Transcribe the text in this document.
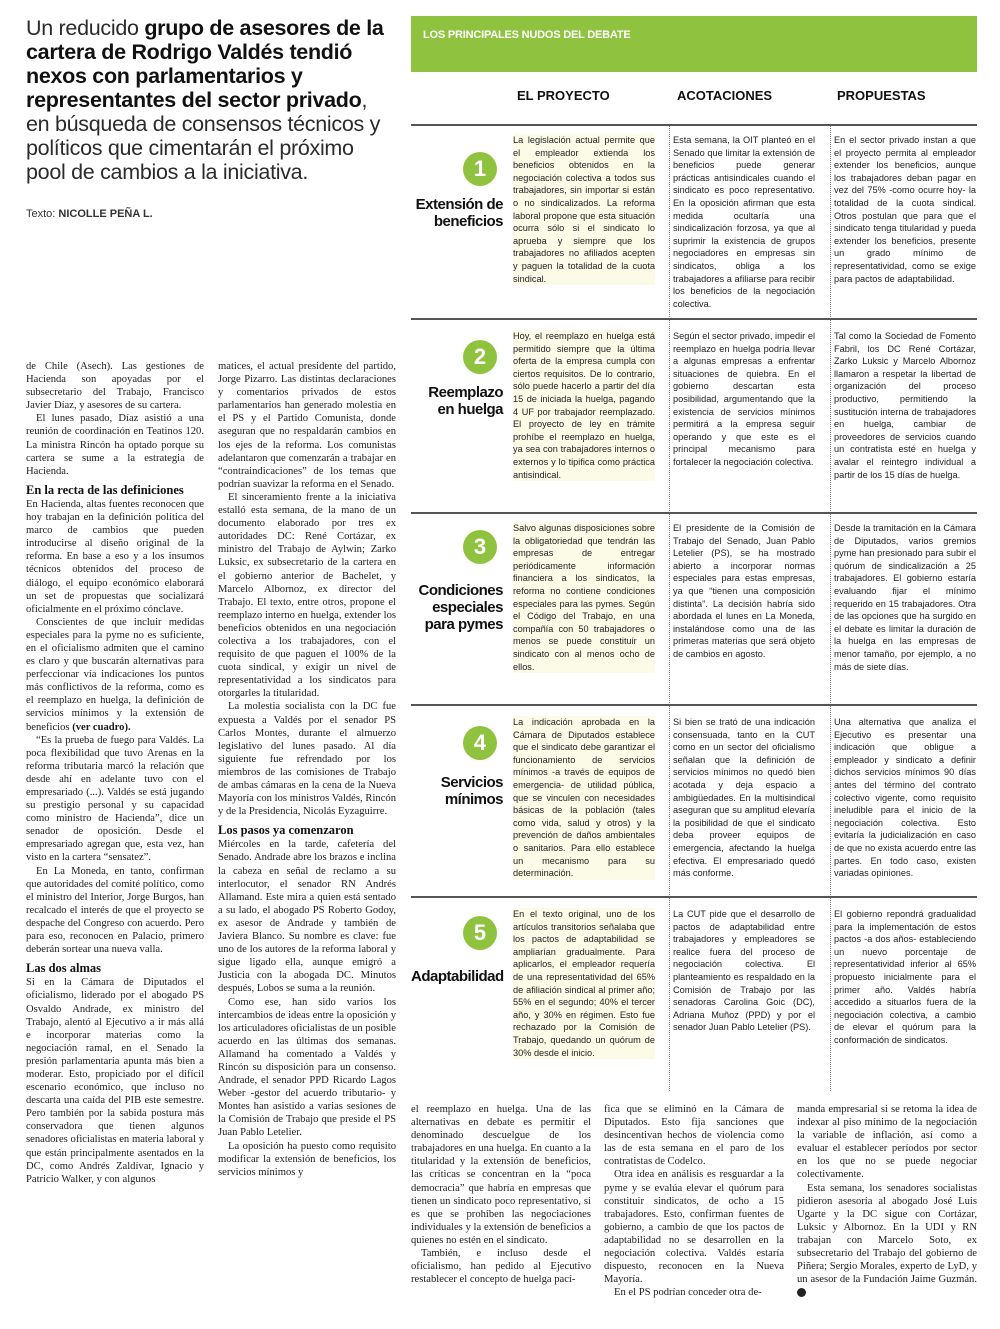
Un reducido grupo de asesores de la cartera de Rodrigo Valdés tendió nexos con parlamentarios y representantes del sector privado, en búsqueda de consensos técnicos y políticos que cimentarán el próximo pool de cambios a la iniciativa.
Texto: NICOLLE PEÑA L.

de Chile (Asech). Las gestiones de Hacienda son apoyadas por el subsecretario del Trabajo, Francisco Javier Díaz, y asesores de su cartera.

El lunes pasado, Díaz asistió a una reunión de coordinación en Teatinos 120. La ministra Rincón ha optado porque su cartera se sume a la estrategia de Hacienda.

En la recta de las definiciones

En Hacienda, altas fuentes reconocen que hoy trabajan en la definición política del marco de cambios que pueden introducirse al diseño original de la reforma. En base a eso y a los insumos técnicos obtenidos del proceso de diálogo, el equipo económico elaborará un set de propuestas que socializará oficialmente en el próximo cónclave.

Conscientes de que incluir medidas especiales para la pyme no es suficiente, en el oficialismo admiten que el camino es claro y que buscarán alternativas para perfeccionar vía indicaciones los puntos más conflictivos de la reforma, como es el reemplazo en huelga, la definición de servicios mínimos y la extensión de beneficios (ver cuadro).

“Es la prueba de fuego para Valdés. La poca flexibilidad que tuvo Arenas en la reforma tributaria marcó la relación que desde ahí en adelante tuvo con el empresariado (...). Valdés se está jugando su prestigio personal y su capacidad como ministro de Hacienda”, dice un senador de oposición. Desde el empresariado agregan que, esta vez, han visto en la cartera “sensatez”.

En La Moneda, en tanto, confirman que autoridades del comité político, como el ministro del Interior, Jorge Burgos, han recalcado el interés de que el proyecto se despache del Congreso con acuerdo. Pero para eso, reconocen en Palacio, primero deberán sortear una nueva valla.

Las dos almas

Si en la Cámara de Diputados el oficialismo, liderado por el abogado PS Osvaldo Andrade, ex ministro del Trabajo, alentó al Ejecutivo a ir más allá e incorporar materias como la negociación ramal, en el Senado la presión parlamentaria apunta más bien a moderar. Esto, propiciado por el difícil escenario económico, que incluso no descarta una caída del PIB este semestre. Pero también por la sabida postura más conservadora que tienen algunos senadores oficialistas en materia laboral y que están principalmente asentados en la DC, como Andrés Zaldívar, Ignacio y Patricio Walker, y con algunos

matices, el actual presidente del partido, Jorge Pizarro. Las distintas declaraciones y comentarios privados de estos parlamentarios han generado molestia en el PS y el Partido Comunista, donde aseguran que no respaldarán cambios en los ejes de la reforma. Los comunistas adelantaron que comenzarán a trabajar en “contraindicaciones” de los temas que podrían suavizar la reforma en el Senado.

El sinceramiento frente a la iniciativa estalló esta semana, de la mano de un documento elaborado por tres ex autoridades DC: René Cortázar, ex ministro del Trabajo de Aylwin; Zarko Luksic, ex subsecretario de la cartera en el gobierno anterior de Bachelet, y Marcelo Albornoz, ex director del Trabajo. El texto, entre otros, propone el reemplazo interno en huelga, extender los beneficios obtenidos en una negociación colectiva a los trabajadores, con el requisito de que paguen el 100% de la cuota sindical, y exigir un nivel de representatividad a los sindicatos para otorgarles la titularidad.

La molestia socialista con la DC fue expuesta a Valdés por el senador PS Carlos Montes, durante el almuerzo legislativo del lunes pasado. Al día siguiente fue refrendado por los miembros de las comisiones de Trabajo de ambas cámaras en la cena de la Nueva Mayoría con los ministros Valdés, Rincón y de la Presidencia, Nicolás Eyzaguirre.

Los pasos ya comenzaron

Miércoles en la tarde, cafetería del Senado. Andrade abre los brazos e inclina la cabeza en señal de reclamo a su interlocutor, el senador RN Andrés Allamand. Este mira a quien está sentado a su lado, el abogado PS Roberto Godoy, ex asesor de Andrade y también de Javiera Blanco. Su nombre es clave: fue uno de los autores de la reforma laboral y sigue ligado ella, aunque emigró a Justicia con la abogada DC. Minutos después, Lobos se suma a la reunión.

Como ese, han sido varios los intercambios de ideas entre la oposición y los articuladores oficialistas de un posible acuerdo en las últimas dos semanas. Allamand ha comentado a Valdés y Rincón su disposición para un consenso. Andrade, el senador PPD Ricardo Lagos Weber -gestor del acuerdo tributario- y Montes han asistido a varias sesiones de la Comisión de Trabajo que preside el PS Juan Pablo Letelier.

La oposición ha puesto como requisito modificar la extensión de beneficios, los servicios mínimos y

el reemplazo en huelga. Una de las alternativas en debate es permitir el denominado descuelgue de los trabajadores en una huelga. En cuanto a la titularidad y la extensión de beneficios, las críticas se concentran en la “poca democracia” que habría en empresas que tienen un sindicato poco representativo, si es que se prohíben las negociaciones individuales y la extensión de beneficios a quienes no estén en el sindicato.

También, e incluso desde el oficialismo, han pedido al Ejecutivo restablecer el concepto de huelga pací-

fica que se eliminó en la Cámara de Diputados. Esto fija sanciones que desincentivan hechos de violencia como las de esta semana en el paro de los contratistas de Codelco.

Otra idea en análisis es resguardar a la pyme y se evalúa elevar el quórum para constituir sindicatos, de ocho a 15 trabajadores. Esto, confirman fuentes de gobierno, a cambio de que los pactos de adaptabilidad no se desarrollen en la negociación colectiva. Valdés estaría dispuesto, reconocen en la Nueva Mayoría.

En el PS podrían conceder otra de-

manda empresarial si se retoma la idea de indexar al piso mínimo de la negociación la variable de inflación, así como a evaluar el establecer períodos por sector en los que no se puede negociar colectivamente.

Esta semana, los senadores socialistas pidieron asesoría al abogado José Luis Ugarte y la DC sigue con Cortázar, Luksic y Albornoz. En la UDI y RN trabajan con Marcelo Soto, ex subsecretario del Trabajo del gobierno de Piñera; Sergio Morales, experto de LyD, y un asesor de la Fundación Jaime Guzmán.

LOS PRINCIPALES NUDOS DEL DEBATE
EL PROYECTO	ACOTACIONES	PROPUESTAS
1
Extensión de beneficios
La legislación actual permite que el empleador extienda los beneficios obtenidos en la negociación colectiva a todos sus trabajadores, sin importar si están o no sindicalizados. La reforma laboral propone que esta situación ocurra sólo si el sindicato lo aprueba y siempre que los trabajadores no afiliados acepten y paguen la totalidad de la cuota sindical.
Esta semana, la OIT planteó en el Senado que limitar la extensión de beneficios puede generar prácticas antisindicales cuando el sindicato es poco representativo. En la oposición afirman que esta medida ocultaría una sindicalización forzosa, ya que al suprimir la existencia de grupos negociadores en empresas sin sindicatos, obliga a los trabajadores a afiliarse para recibir los beneficios de la negociación colectiva.
En el sector privado instan a que el proyecto permita al empleador extender los beneficios, aunque los trabajadores deban pagar en vez del 75% -como ocurre hoy- la totalidad de la cuota sindical. Otros postulan que para que el sindicato tenga titularidad y pueda extender los beneficios, presente un grado mínimo de representatividad, como se exige para pactos de adaptabilidad.
2
Reemplazo en huelga
Hoy, el reemplazo en huelga está permitido siempre que la última oferta de la empresa cumpla con ciertos requisitos. De lo contrario, sólo puede hacerlo a partir del día 15 de iniciada la huelga, pagando 4 UF por trabajador reemplazado. El proyecto de ley en trámite prohíbe el reemplazo en huelga, ya sea con trabajadores internos o externos y lo tipifica como práctica antisindical.
Según el sector privado, impedir el reemplazo en huelga podría llevar a algunas empresas a enfrentar situaciones de quiebra. En el gobierno descartan esta posibilidad, argumentando que la existencia de servicios mínimos permitirá a la empresa seguir operando y que este es el principal mecanismo para fortalecer la negociación colectiva.
Tal como la Sociedad de Fomento Fabril, los DC René Cortázar, Zarko Luksic y Marcelo Albornoz llamaron a respetar la libertad de organización del proceso productivo, permitiendo la sustitución interna de trabajadores en huelga, cambiar de proveedores de servicios cuando un contratista esté en huelga y avalar el reintegro individual a partir de los 15 días de huelga.
3
Condiciones especiales para pymes
Salvo algunas disposiciones sobre la obligatoriedad que tendrán las empresas de entregar periódicamente información financiera a los sindicatos, la reforma no contiene condiciones especiales para las pymes. Según el Código del Trabajo, en una compañía con 50 trabajadores o menos se puede constituir un sindicato con al menos ocho de ellos.
El presidente de la Comisión de Trabajo del Senado, Juan Pablo Letelier (PS), se ha mostrado abierto a incorporar normas especiales para estas empresas, ya que “tienen una composición distinta”. La decisión habría sido abordada el lunes en La Moneda, instalándose como una de las primeras materias que será objeto de cambios en agosto.
Desde la tramitación en la Cámara de Diputados, varios gremios pyme han presionado para subir el quórum de sindicalización a 25 trabajadores. El gobierno estaría evaluando fijar el mínimo requerido en 15 trabajadores. Otra de las opciones que ha surgido en el debate es limitar la duración de la huelga en las empresas de menor tamaño, por ejemplo, a no más de siete días.
4
Servicios mínimos
La indicación aprobada en la Cámara de Diputados establece que el sindicato debe garantizar el funcionamiento de servicios mínimos -a través de equipos de emergencia- de utilidad pública, que se vinculen con necesidades básicas de la población (tales como vida, salud y otros) y la prevención de daños ambientales o sanitarios. Para ello establece un mecanismo para su determinación.
Si bien se trató de una indicación consensuada, tanto en la CUT como en un sector del oficialismo señalan que la definición de servicios mínimos no quedó bien acotada y deja espacio a ambigüedades. En la multisindical aseguran que su amplitud elevaría la posibilidad de que el sindicato deba proveer equipos de emergencia, afectando la huelga efectiva. El empresariado quedó más conforme.
Una alternativa que analiza el Ejecutivo es presentar una indicación que obligue a empleador y sindicato a definir dichos servicios mínimos 90 días antes del término del contrato colectivo vigente, como requisito ineludible para el inicio de la negociación colectiva. Esto evitaría la judicialización en caso de que no exista acuerdo entre las partes. En todo caso, existen variadas opiniones.
5
Adaptabilidad
En el texto original, uno de los artículos transitorios señalaba que los pactos de adaptabilidad se ampliarían gradualmente. Para aplicarlos, el empleador requería de una representatividad del 65% de afiliación sindical al primer año; 55% en el segundo; 40% el tercer año, y 30% en régimen. Esto fue rechazado por la Comisión de Trabajo, quedando un quórum de 30% desde el inicio.
La CUT pide que el desarrollo de pactos de adaptabilidad entre trabajadores y empleadores se realice fuera del proceso de negociación colectiva. El planteamiento es respaldado en la Comisión de Trabajo por las senadoras Carolina Goic (DC), Adriana Muñoz (PPD) y por el senador Juan Pablo Letelier (PS).
El gobierno repondrá gradualidad para la implementación de estos pactos -a dos años- estableciendo un nuevo porcentaje de representatividad inferior al 65% propuesto inicialmente para el primer año. Valdés habría accedido a situarlos fuera de la negociación colectiva, a cambio de elevar el quórum para la conformación de sindicatos.
